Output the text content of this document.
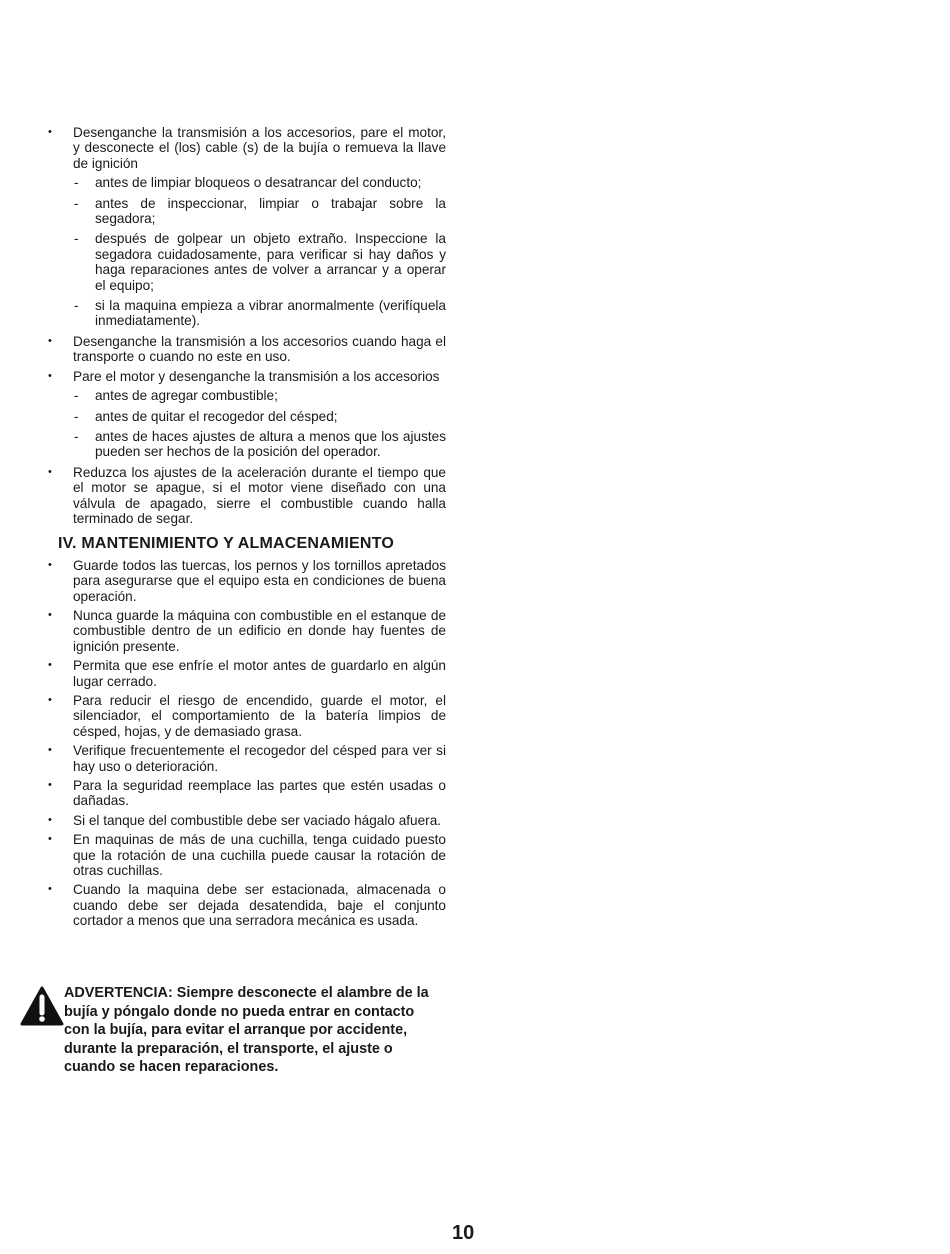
• Desenganche la transmisión a los accesorios, pare el motor, y desconecte el (los) cable (s) de la bujía o remueva la llave de ignición
- antes de limpiar bloqueos o desatrancar del conducto;
- antes de inspeccionar, limpiar o trabajar sobre la segadora;
- después de golpear un objeto extraño. Inspeccione la segadora cuidadosamente, para verificar si hay daños y haga reparaciones antes de volver a arrancar y a operar el equipo;
- si la maquina empieza a vibrar anormalmente (verifíquela inmediatamente).
• Desenganche la transmisión a los accesorios cuando haga el transporte o cuando no este en uso.
• Pare el motor y desenganche la transmisión a los accesorios
- antes de agregar combustible;
- antes de quitar el recogedor del césped;
- antes de haces ajustes de altura a menos que los ajustes pueden ser hechos de la posición del operador.
• Reduzca los ajustes de la aceleración durante el tiempo que el motor se apague, si el motor viene diseñado con una válvula de apagado, sierre el combustible cuando halla terminado de segar.
IV. MANTENIMIENTO Y ALMACENAMIENTO
• Guarde todos las tuercas, los pernos y los tornillos apretados para asegurarse que el equipo esta en condiciones de buena operación.
• Nunca guarde la máquina con combustible en el estanque de combustible dentro de un edificio en donde hay fuentes de ignición presente.
• Permita que ese enfríe el motor antes de guardarlo en algún lugar cerrado.
• Para reducir el riesgo de encendido, guarde el motor, el silenciador, el comportamiento de la batería limpios de césped, hojas, y de demasiado grasa.
• Verifique frecuentemente el recogedor del césped para ver si hay uso o deterioración.
• Para la seguridad reemplace las partes que estén usadas o dañadas.
• Si el tanque del combustible debe ser vaciado hágalo afuera.
• En maquinas de más de una cuchilla, tenga cuidado puesto que la rotación de una cuchilla puede causar la rotación de otras cuchillas.
• Cuando la maquina debe ser estacionada, almacenada o cuando debe ser dejada desatendida, baje el conjunto cortador a menos que una serradora mecánica es usada.
ADVERTENCIA: Siempre desconecte el alambre de la bujía y póngalo donde no pueda entrar en contacto con la bujía, para evitar el arranque por accidente, durante la preparación, el transporte, el ajuste o cuando se hacen reparaciones.
10
